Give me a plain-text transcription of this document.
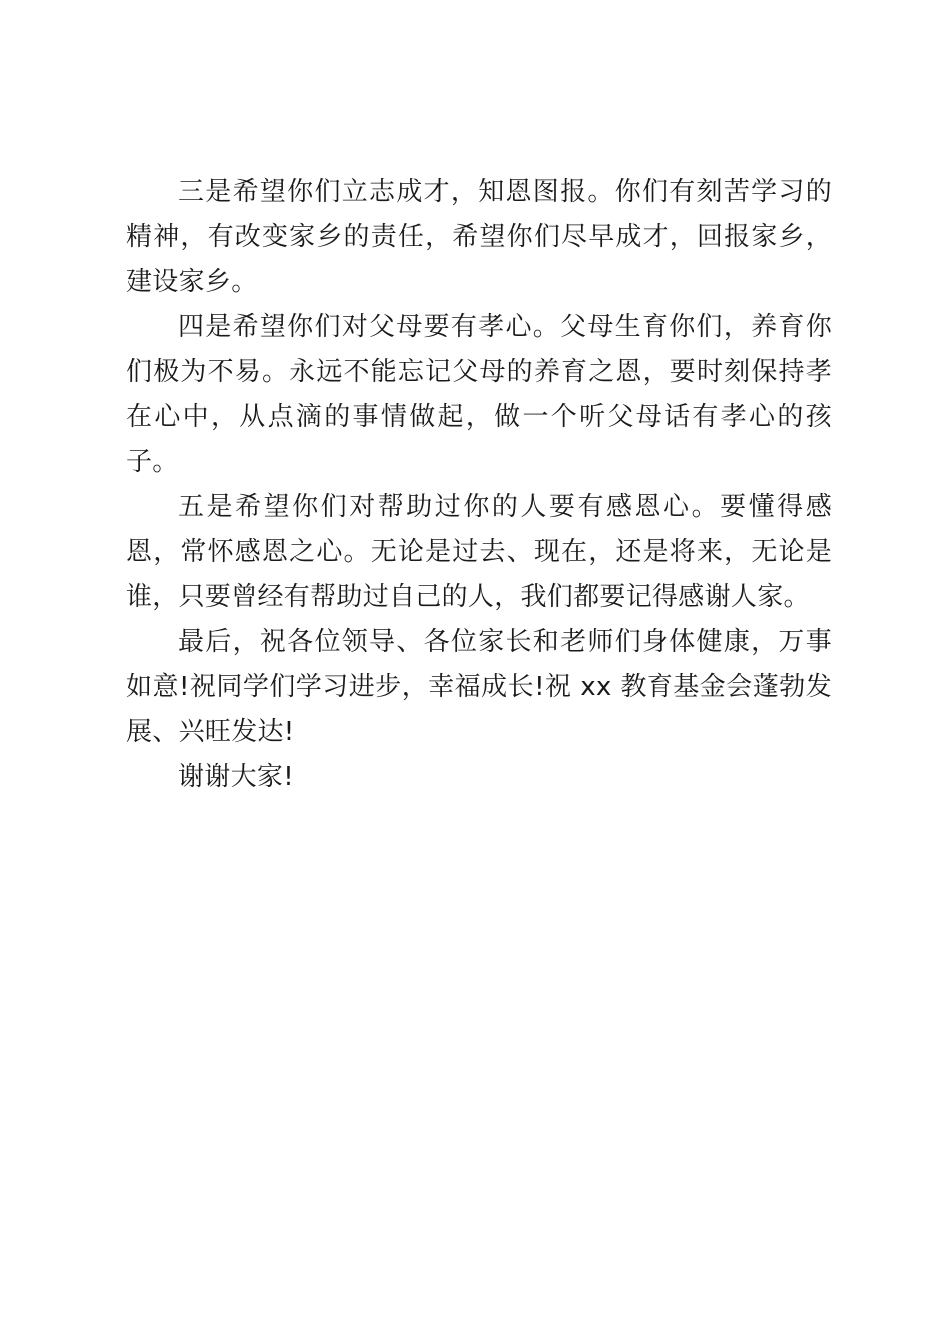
三是希望你们立志成才，知恩图报。你们有刻苦学习的精神，有改变家乡的责任，希望你们尽早成才，回报家乡，建设家乡。

四是希望你们对父母要有孝心。父母生育你们，养育你们极为不易。永远不能忘记父母的养育之恩，要时刻保持孝在心中，从点滴的事情做起，做一个听父母话有孝心的孩子。

五是希望你们对帮助过你的人要有感恩心。要懂得感恩，常怀感恩之心。无论是过去、现在，还是将来，无论是谁，只要曾经有帮助过自己的人，我们都要记得感谢人家。

最后，祝各位领导、各位家长和老师们身体健康，万事如意!祝同学们学习进步，幸福成长!祝 xx 教育基金会蓬勃发展、兴旺发达!

谢谢大家!
